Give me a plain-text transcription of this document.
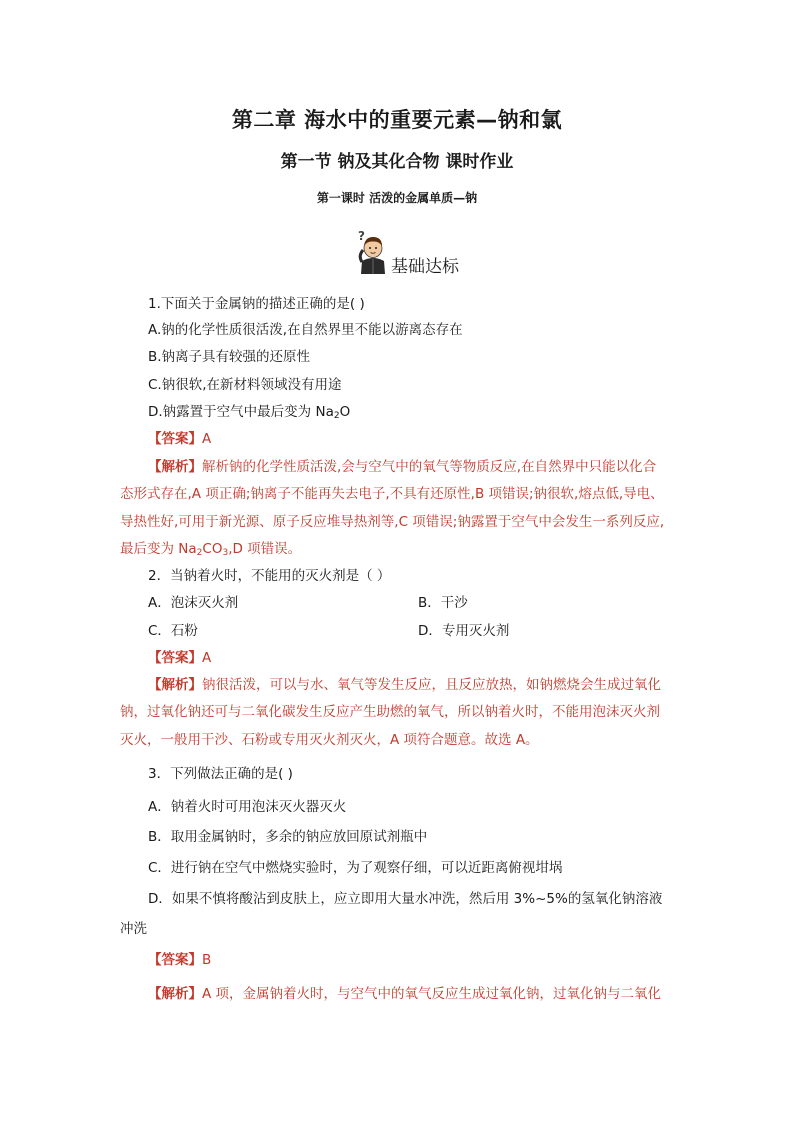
第二章 海水中的重要元素—钠和氯
第一节 钠及其化合物 课时作业
第一课时 活泼的金属单质—钠
?
基础达标
1.下面关于金属钠的描述正确的是( )
A.钠的化学性质很活泼,在自然界里不能以游离态存在
B.钠离子具有较强的还原性
C.钠很软,在新材料领域没有用途
D.钠露置于空气中最后变为 $Na_2O$
【答案】A
【解析】解析钠的化学性质活泼,会与空气中的氧气等物质反应,在自然界中只能以化合
态形式存在,A 项正确;钠离子不能再失去电子,不具有还原性,B 项错误;钠很软,熔点低,导电、
导热性好,可用于新光源、原子反应堆导热剂等,C 项错误;钠露置于空气中会发生一系列反应,
最后变为 $Na_2CO_3,D$ 项错误。
2．当钠着火时，不能用的灭火剂是（ ）
A．泡沫灭火剂	B．干沙
C．石粉	D．专用灭火剂
【答案】A
【解析】钠很活泼，可以与水、氧气等发生反应，且反应放热，如钠燃烧会生成过氧化
钠，过氧化钠还可与二氧化碳发生反应产生助燃的氧气，所以钠着火时，不能用泡沫灭火剂
灭火，一般用干沙、石粉或专用灭火剂灭火，A 项符合题意。故选 A。
3．下列做法正确的是( )
A．钠着火时可用泡沫灭火器灭火
B．取用金属钠时，多余的钠应放回原试剂瓶中
C．进行钠在空气中燃烧实验时，为了观察仔细，可以近距离俯视坩埚
D．如果不慎将酸沾到皮肤上，应立即用大量水冲洗，然后用 3%~5%的氢氧化钠溶液
冲洗
【答案】B
【解析】A 项，金属钠着火时，与空气中的氧气反应生成过氧化钠，过氧化钠与二氧化
